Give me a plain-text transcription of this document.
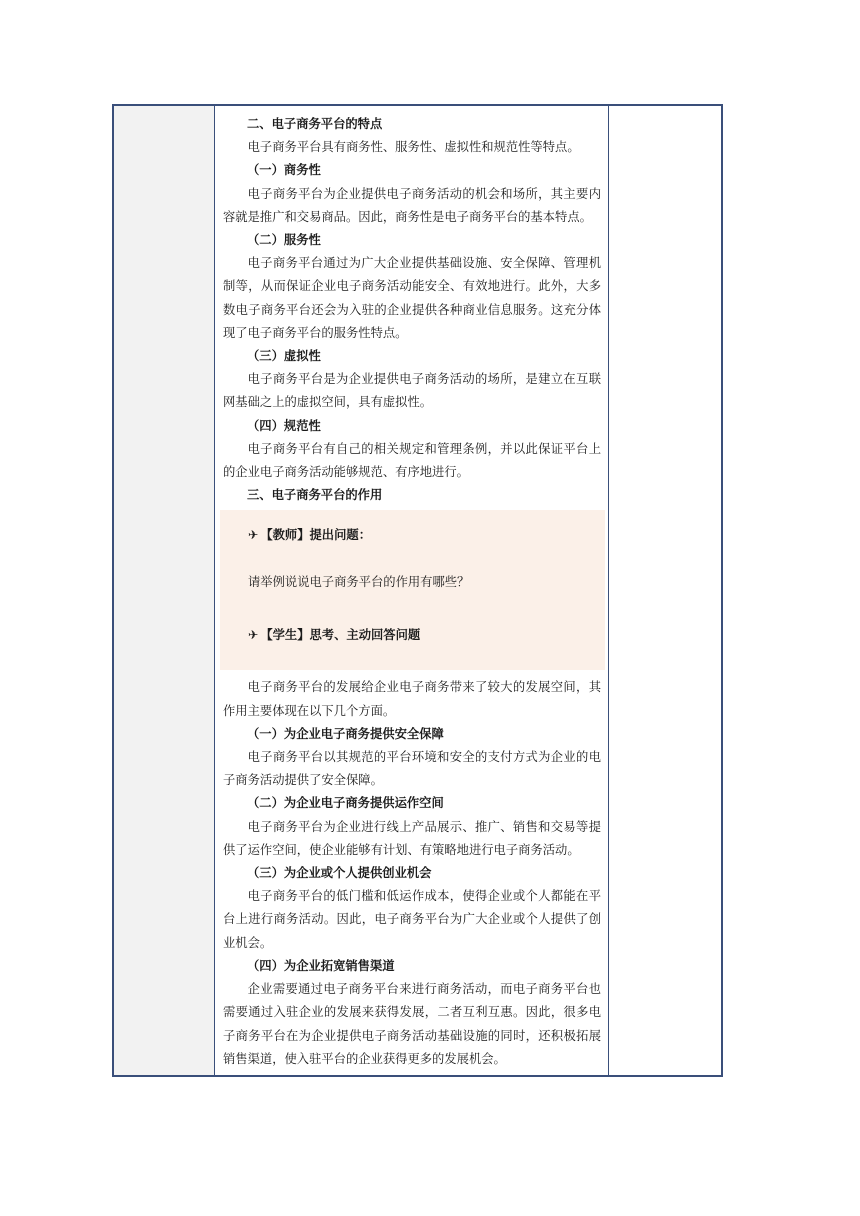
二、电子商务平台的特点

电子商务平台具有商务性、服务性、虚拟性和规范性等特点。

（一）商务性

电子商务平台为企业提供电子商务活动的机会和场所，其主要内容就是推广和交易商品。因此，商务性是电子商务平台的基本特点。

（二）服务性

电子商务平台通过为广大企业提供基础设施、安全保障、管理机制等，从而保证企业电子商务活动能安全、有效地进行。此外，大多数电子商务平台还会为入驻的企业提供各种商业信息服务。这充分体现了电子商务平台的服务性特点。

（三）虚拟性

电子商务平台是为企业提供电子商务活动的场所，是建立在互联网基础之上的虚拟空间，具有虚拟性。

（四）规范性

电子商务平台有自己的相关规定和管理条例，并以此保证平台上的企业电子商务活动能够规范、有序地进行。

三、电子商务平台的作用

✈ 【教师】提出问题：

请举例说说电子商务平台的作用有哪些？

✈ 【学生】思考、主动回答问题

电子商务平台的发展给企业电子商务带来了较大的发展空间，其作用主要体现在以下几个方面。

（一）为企业电子商务提供安全保障

电子商务平台以其规范的平台环境和安全的支付方式为企业的电子商务活动提供了安全保障。

（二）为企业电子商务提供运作空间

电子商务平台为企业进行线上产品展示、推广、销售和交易等提供了运作空间，使企业能够有计划、有策略地进行电子商务活动。

（三）为企业或个人提供创业机会

电子商务平台的低门槛和低运作成本，使得企业或个人都能在平台上进行商务活动。因此，电子商务平台为广大企业或个人提供了创业机会。

（四）为企业拓宽销售渠道

企业需要通过电子商务平台来进行商务活动，而电子商务平台也需要通过入驻企业的发展来获得发展，二者互利互惠。因此，很多电子商务平台在为企业提供电子商务活动基础设施的同时，还积极拓展销售渠道，使入驻平台的企业获得更多的发展机会。
